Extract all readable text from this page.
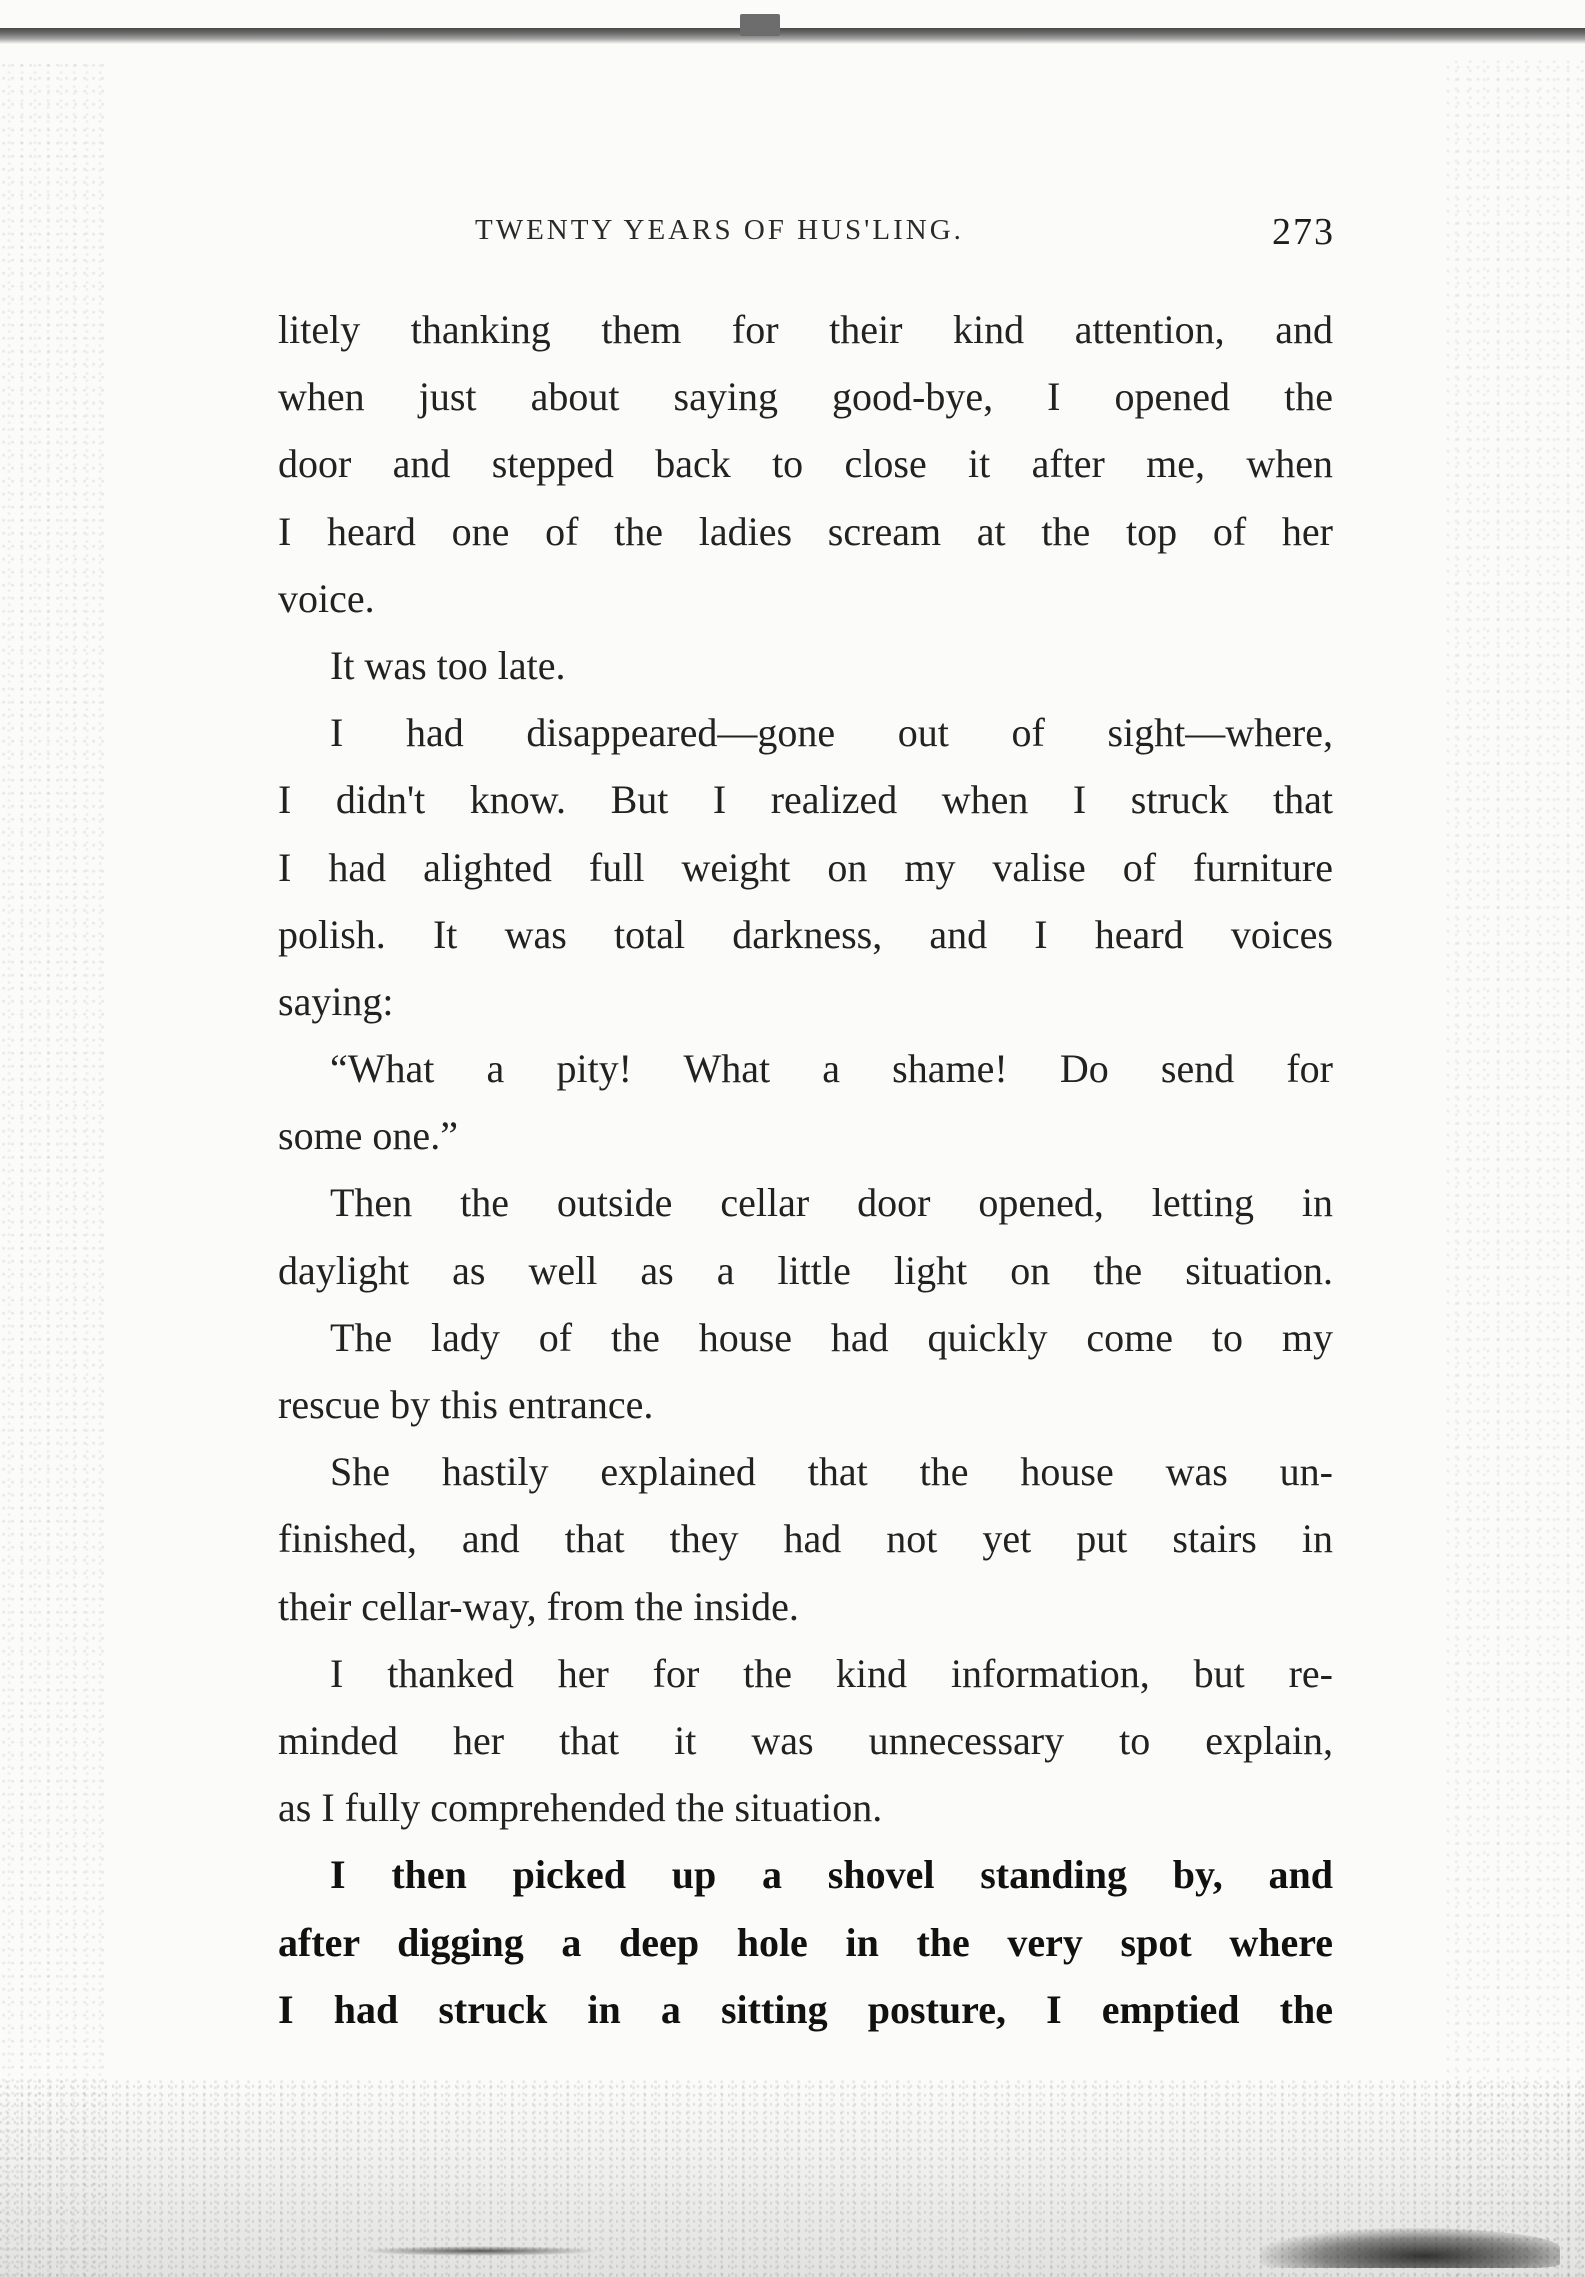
TWENTY YEARS OF HUS'LING.	273
litely thanking them for their kind attention, and
when just about saying good-bye, I opened the
door and stepped back to close it after me, when
I heard one of the ladies scream at the top of her
voice.
It was too late.
I had disappeared—gone out of sight—where,
I didn't know. But I realized when I struck that
I had alighted full weight on my valise of furniture
polish. It was total darkness, and I heard voices
saying:
“What a pity! What a shame! Do send for
some one.”
Then the outside cellar door opened, letting in
daylight as well as a little light on the situation.
The lady of the house had quickly come to my
rescue by this entrance.
She hastily explained that the house was un-
finished, and that they had not yet put stairs in
their cellar-way, from the inside.
I thanked her for the kind information, but re-
minded her that it was unnecessary to explain,
as I fully comprehended the situation.
I then picked up a shovel standing by, and
after digging a deep hole in the very spot where
I had struck in a sitting posture, I emptied the
